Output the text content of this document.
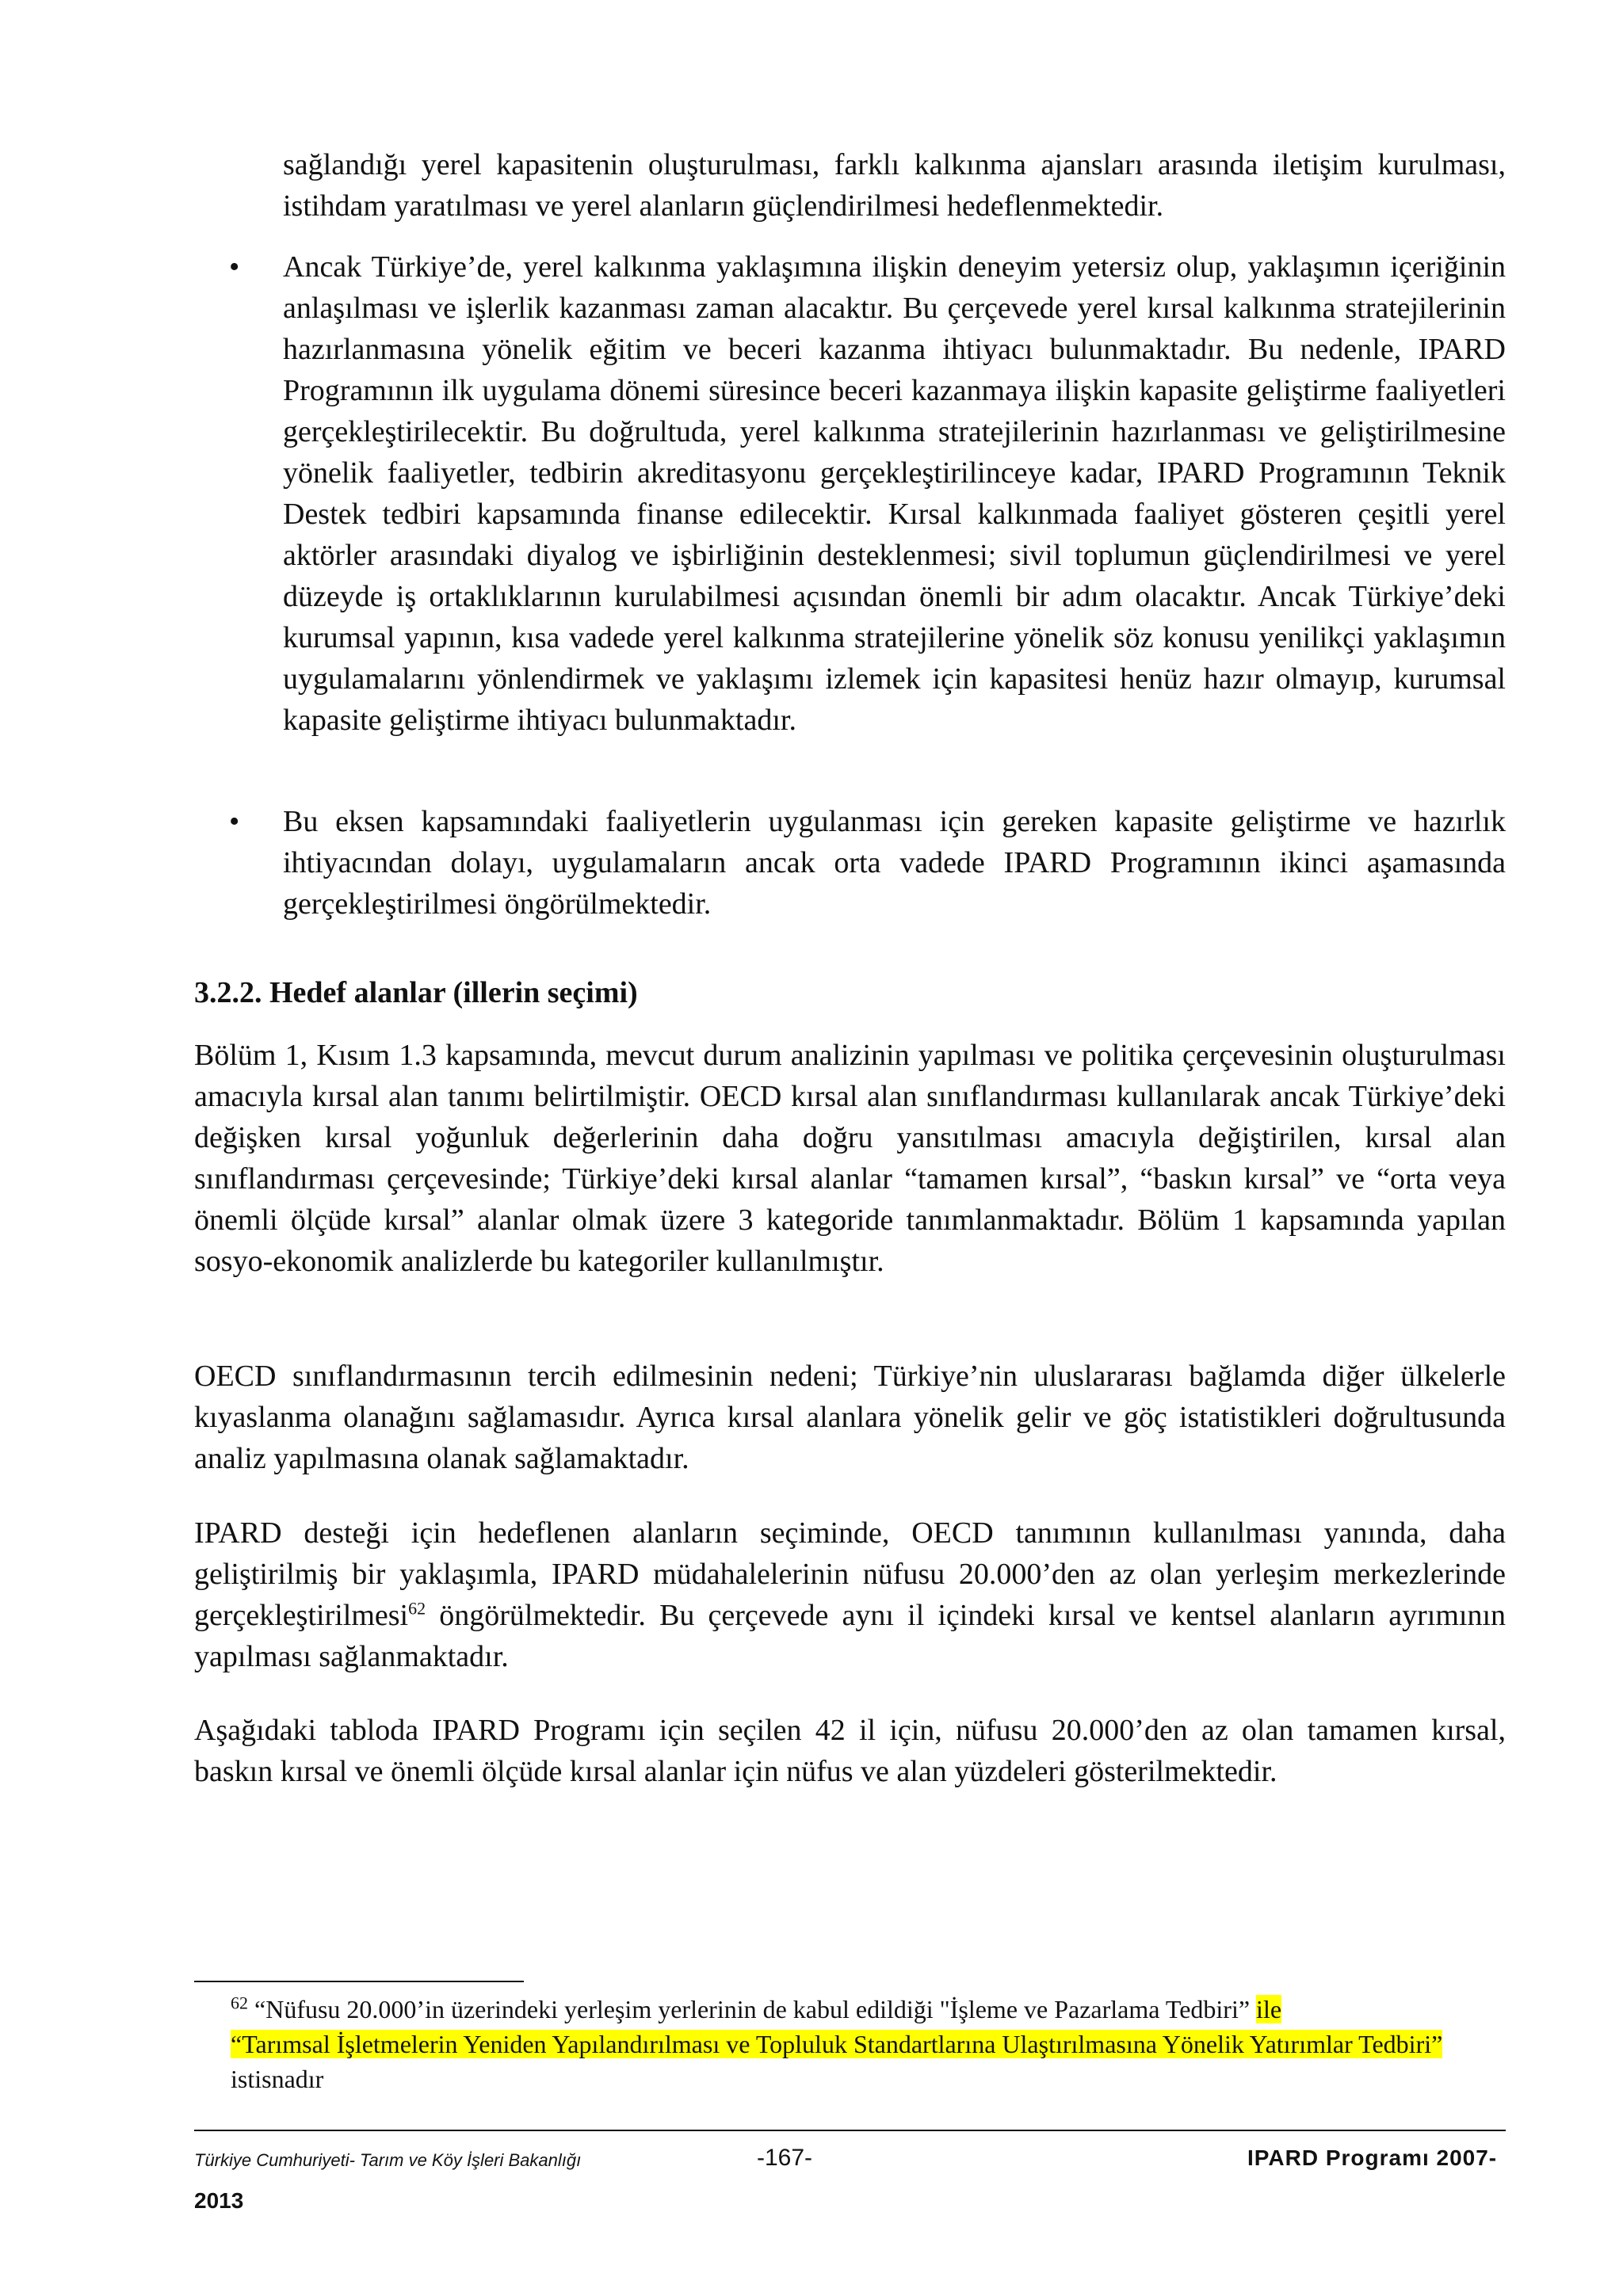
sağlandığı yerel kapasitenin oluşturulması, farklı kalkınma ajansları arasında iletişim kurulması, istihdam yaratılması ve yerel alanların güçlendirilmesi hedeflenmektedir.

• Ancak Türkiye’de, yerel kalkınma yaklaşımına ilişkin deneyim yetersiz olup, yaklaşımın içeriğinin anlaşılması ve işlerlik kazanması zaman alacaktır. Bu çerçevede yerel kırsal kalkınma stratejilerinin hazırlanmasına yönelik eğitim ve beceri kazanma ihtiyacı bulunmaktadır. Bu nedenle, IPARD Programının ilk uygulama dönemi süresince beceri kazanmaya ilişkin kapasite geliştirme faaliyetleri gerçekleştirilecektir. Bu doğrultuda, yerel kalkınma stratejilerinin hazırlanması ve geliştirilmesine yönelik faaliyetler, tedbirin akreditasyonu gerçekleştirilinceye kadar, IPARD Programının Teknik Destek tedbiri kapsamında finanse edilecektir. Kırsal kalkınmada faaliyet gösteren çeşitli yerel aktörler arasındaki diyalog ve işbirliğinin desteklenmesi; sivil toplumun güçlendirilmesi ve yerel düzeyde iş ortaklıklarının kurulabilmesi açısından önemli bir adım olacaktır. Ancak Türkiye’deki kurumsal yapının, kısa vadede yerel kalkınma stratejilerine yönelik söz konusu yenilikçi yaklaşımın uygulamalarını yönlendirmek ve yaklaşımı izlemek için kapasitesi henüz hazır olmayıp, kurumsal kapasite geliştirme ihtiyacı bulunmaktadır.

• Bu eksen kapsamındaki faaliyetlerin uygulanması için gereken kapasite geliştirme ve hazırlık ihtiyacından dolayı, uygulamaların ancak orta vadede IPARD Programının ikinci aşamasında gerçekleştirilmesi öngörülmektedir.

3.2.2. Hedef alanlar (illerin seçimi)

Bölüm 1, Kısım 1.3 kapsamında, mevcut durum analizinin yapılması ve politika çerçevesinin oluşturulması amacıyla kırsal alan tanımı belirtilmiştir. OECD kırsal alan sınıflandırması kullanılarak ancak Türkiye’deki değişken kırsal yoğunluk değerlerinin daha doğru yansıtılması amacıyla değiştirilen, kırsal alan sınıflandırması çerçevesinde; Türkiye’deki kırsal alanlar “tamamen kırsal”, “baskın kırsal” ve “orta veya önemli ölçüde kırsal” alanlar olmak üzere 3 kategoride tanımlanmaktadır. Bölüm 1 kapsamında yapılan sosyo-ekonomik analizlerde bu kategoriler kullanılmıştır.

OECD sınıflandırmasının tercih edilmesinin nedeni; Türkiye’nin uluslararası bağlamda diğer ülkelerle kıyaslanma olanağını sağlamasıdır. Ayrıca kırsal alanlara yönelik gelir ve göç istatistikleri doğrultusunda analiz yapılmasına olanak sağlamaktadır.

IPARD desteği için hedeflenen alanların seçiminde, OECD tanımının kullanılması yanında, daha geliştirilmiş bir yaklaşımla, IPARD müdahalelerinin nüfusu 20.000’den az olan yerleşim merkezlerinde gerçekleştirilmesi$^{62}$ öngörülmektedir. Bu çerçevede aynı il içindeki kırsal ve kentsel alanların ayrımının yapılması sağlanmaktadır.

Aşağıdaki tabloda IPARD Programı için seçilen 42 il için, nüfusu 20.000’den az olan tamamen kırsal, baskın kırsal ve önemli ölçüde kırsal alanlar için nüfus ve alan yüzdeleri gösterilmektedir.

$^{62}$ “Nüfusu 20.000’in üzerindeki yerleşim yerlerinin de kabul edildiği "İşleme ve Pazarlama Tedbiri” ile
“Tarımsal İşletmelerin Yeniden Yapılandırılması ve Topluluk Standartlarına Ulaştırılmasına Yönelik Yatırımlar Tedbiri” istisnadır

Türkiye Cumhuriyeti- Tarım ve Köy İşleri Bakanlığı	-167-	IPARD Programı 2007-
2013
